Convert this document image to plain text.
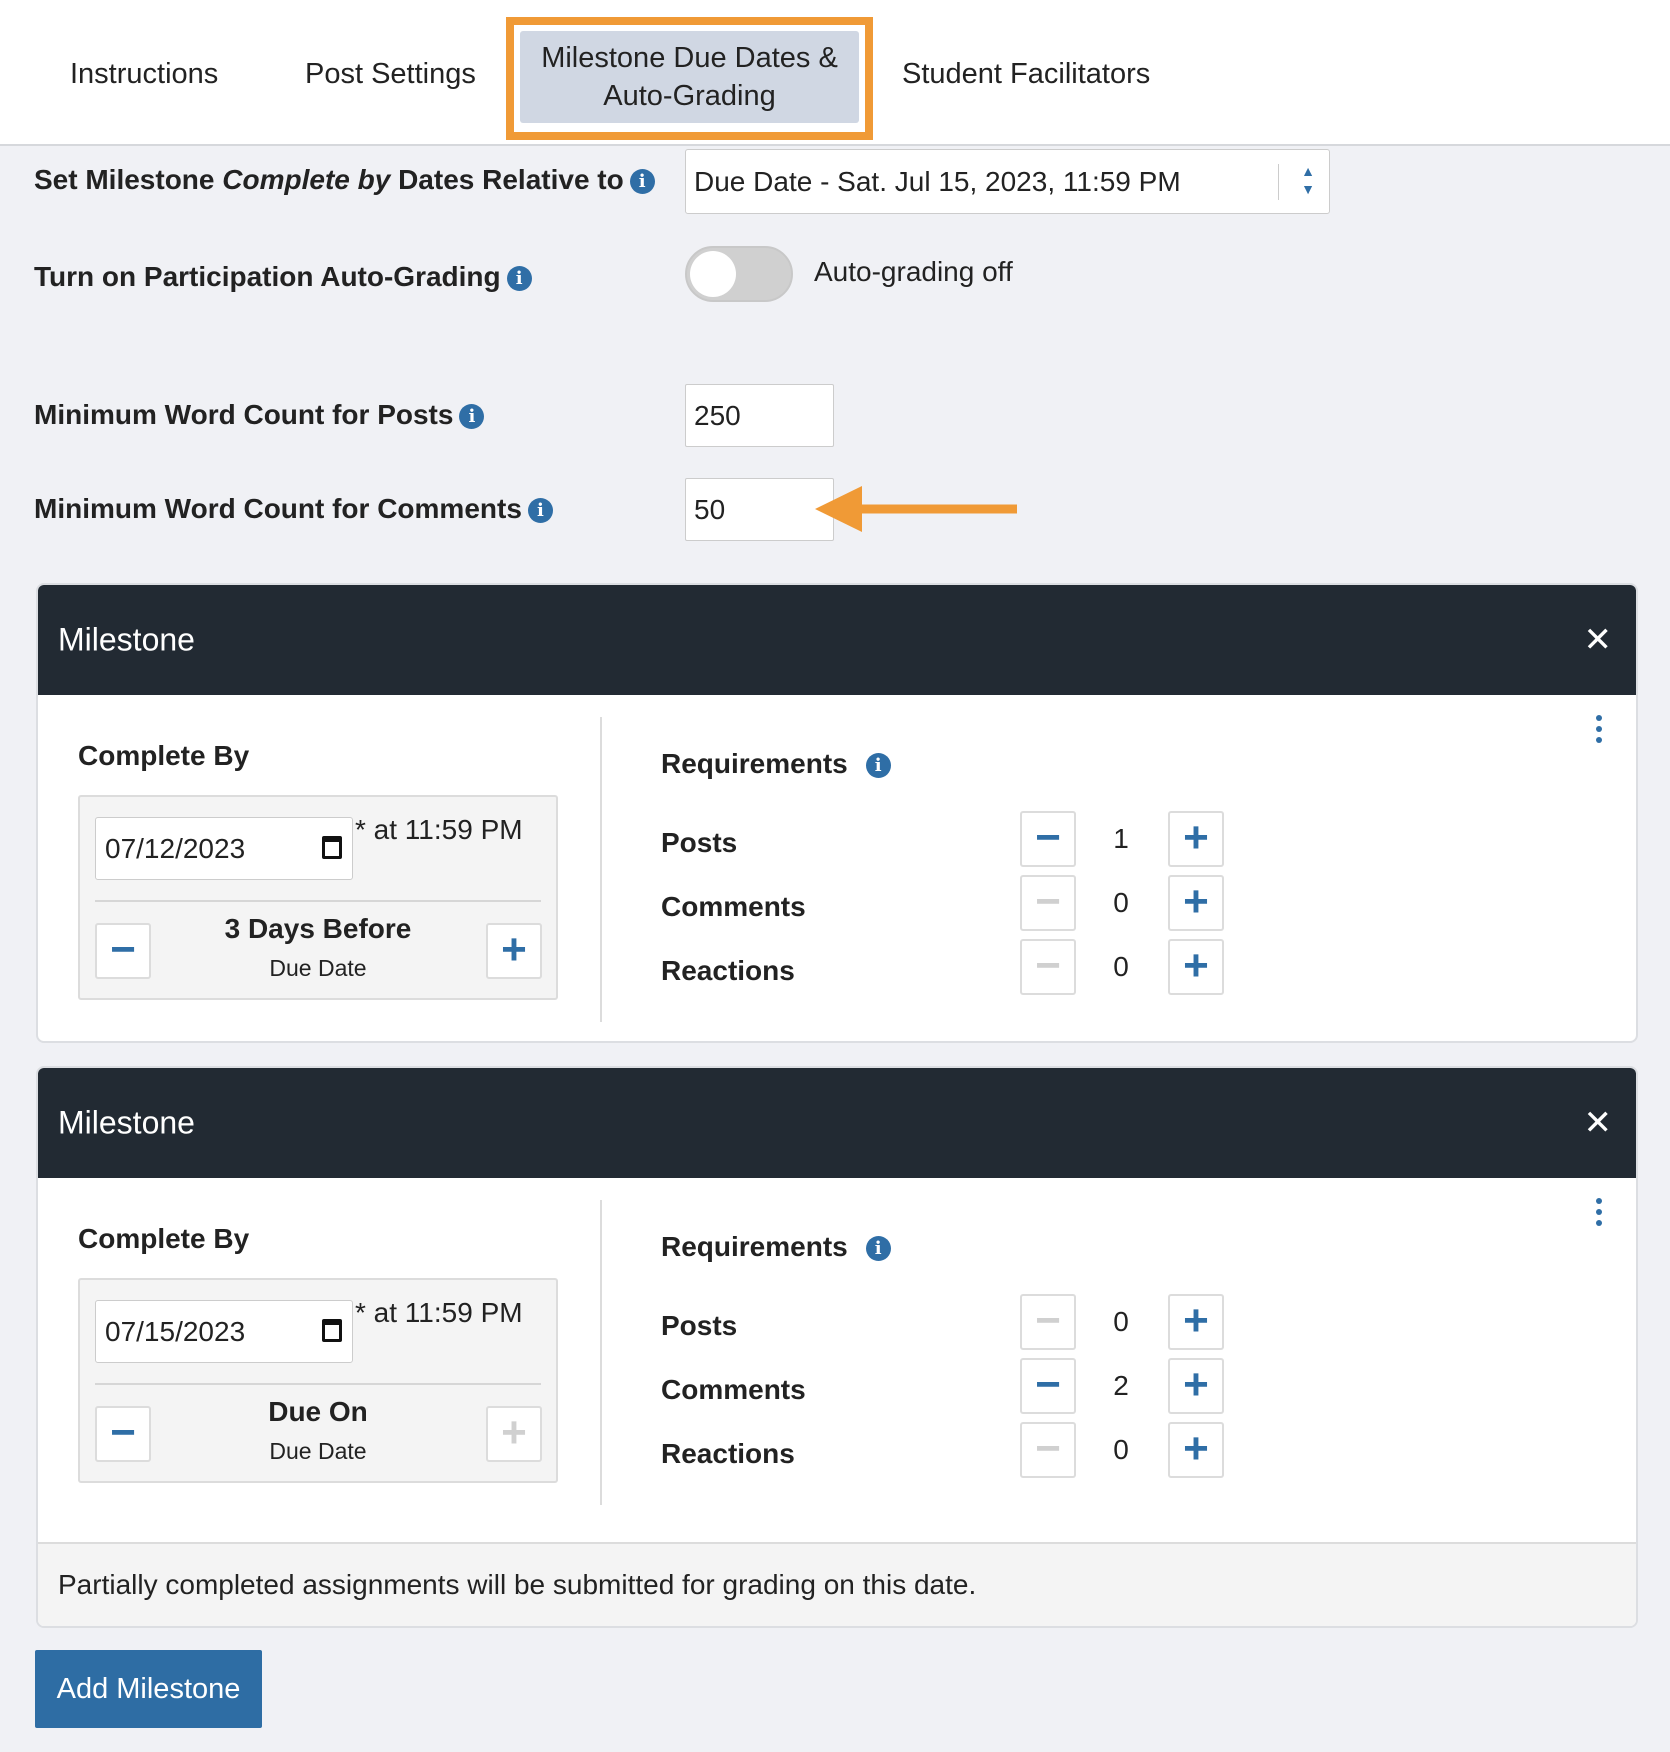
Instructions	Post Settings	Milestone Due Dates & Auto-Grading
Student Facilitators
Set Milestone Complete by Dates Relative to i	Due Date - Sat. Jul 15, 2023, 11:59 PM	▲
▼
Turn on Participation Auto-Grading i	Auto-grading off
Minimum Word Count for Posts i	250
Minimum Word Count for Comments i	50
Milestone	✕
Complete By
07/12/2023
* at 11:59 PM
3 Days Before
Due Date
−	+
Requirements i
Posts	−	1	+
Comments	−	0	+
Reactions	−	0	+
Milestone	✕
Complete By
07/15/2023
* at 11:59 PM
Due On
Due Date
−	+
Requirements i
Posts	−	0	+
Comments	−	2	+
Reactions	−	0	+
Partially completed assignments will be submitted for grading on this date.
Add Milestone
